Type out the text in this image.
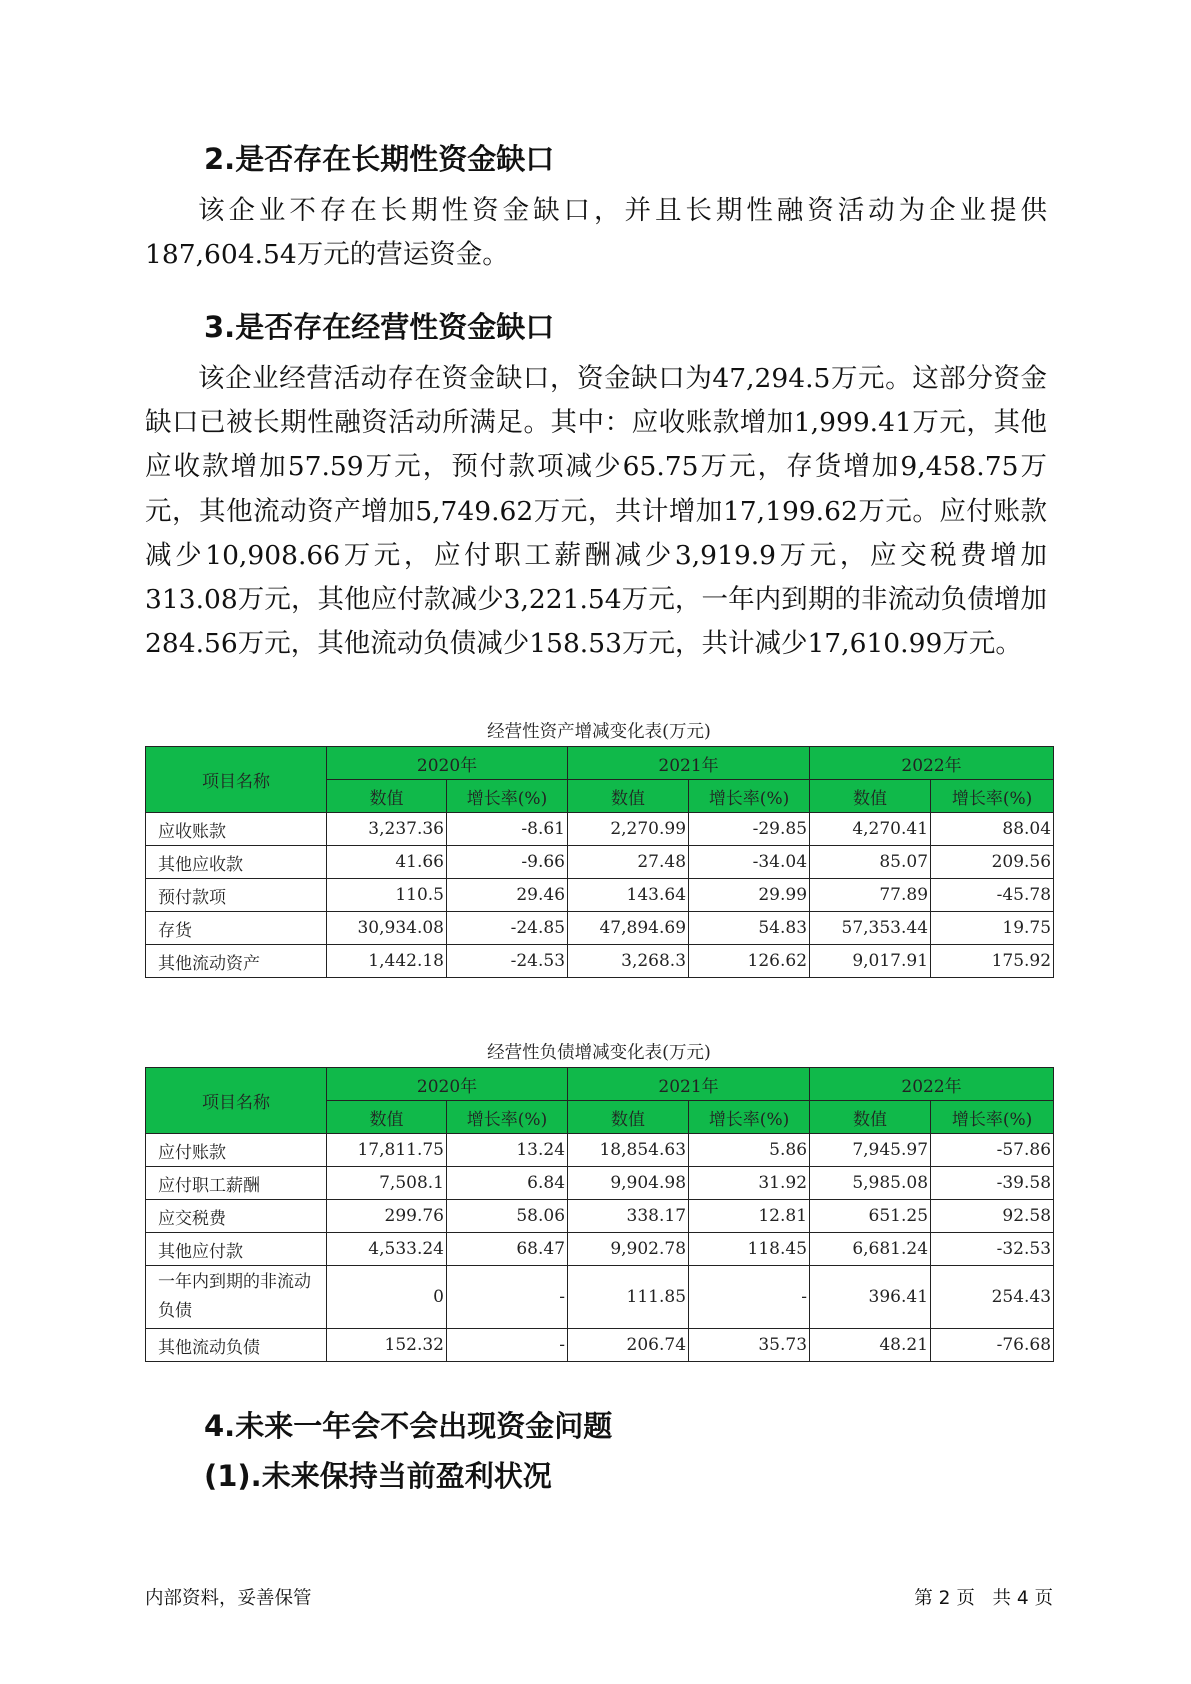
2.是否存在长期性资金缺口

该企业不存在长期性资金缺口，并且长期性融资活动为企业提供187,604.54万元的营运资金。

3.是否存在经营性资金缺口

该企业经营活动存在资金缺口，资金缺口为47,294.5万元。这部分资金缺口已被长期性融资活动所满足。其中：应收账款增加1,999.41万元，其他应收款增加57.59万元，预付款项减少65.75万元，存货增加9,458.75万元，其他流动资产增加5,749.62万元，共计增加17,199.62万元。应付账款减少10,908.66万元，应付职工薪酬减少3,919.9万元，应交税费增加313.08万元，其他应付款减少3,221.54万元，一年内到期的非流动负债增加284.56万元，其他流动负债减少158.53万元，共计减少17,610.99万元。

经营性资产增减变化表(万元)
项目名称	2020年		2021年		2022年	
	数值	增长率(%)	数值	增长率(%)	数值	增长率(%)
应收账款	3,237.36	-8.61	2,270.99	-29.85	4,270.41	88.04
其他应收款	41.66	-9.66	27.48	-34.04	85.07	209.56
预付款项	110.5	29.46	143.64	29.99	77.89	-45.78
存货	30,934.08	-24.85	47,894.69	54.83	57,353.44	19.75
其他流动资产	1,442.18	-24.53	3,268.3	126.62	9,017.91	175.92
经营性负债增减变化表(万元)
项目名称	2020年		2021年		2022年	
	数值	增长率(%)	数值	增长率(%)	数值	增长率(%)
应付账款	17,811.75	13.24	18,854.63	5.86	7,945.97	-57.86
应付职工薪酬	7,508.1	6.84	9,904.98	31.92	5,985.08	-39.58
应交税费	299.76	58.06	338.17	12.81	651.25	92.58
其他应付款	4,533.24	68.47	9,902.78	118.45	6,681.24	-32.53
一年内到期的非流动负债	0	-	111.85	-	396.41	254.43
其他流动负债	152.32	-	206.74	35.73	48.21	-76.68
4.未来一年会不会出现资金问题
(1).未来保持当前盈利状况
内部资料，妥善保管	第 2 页   共 4 页
